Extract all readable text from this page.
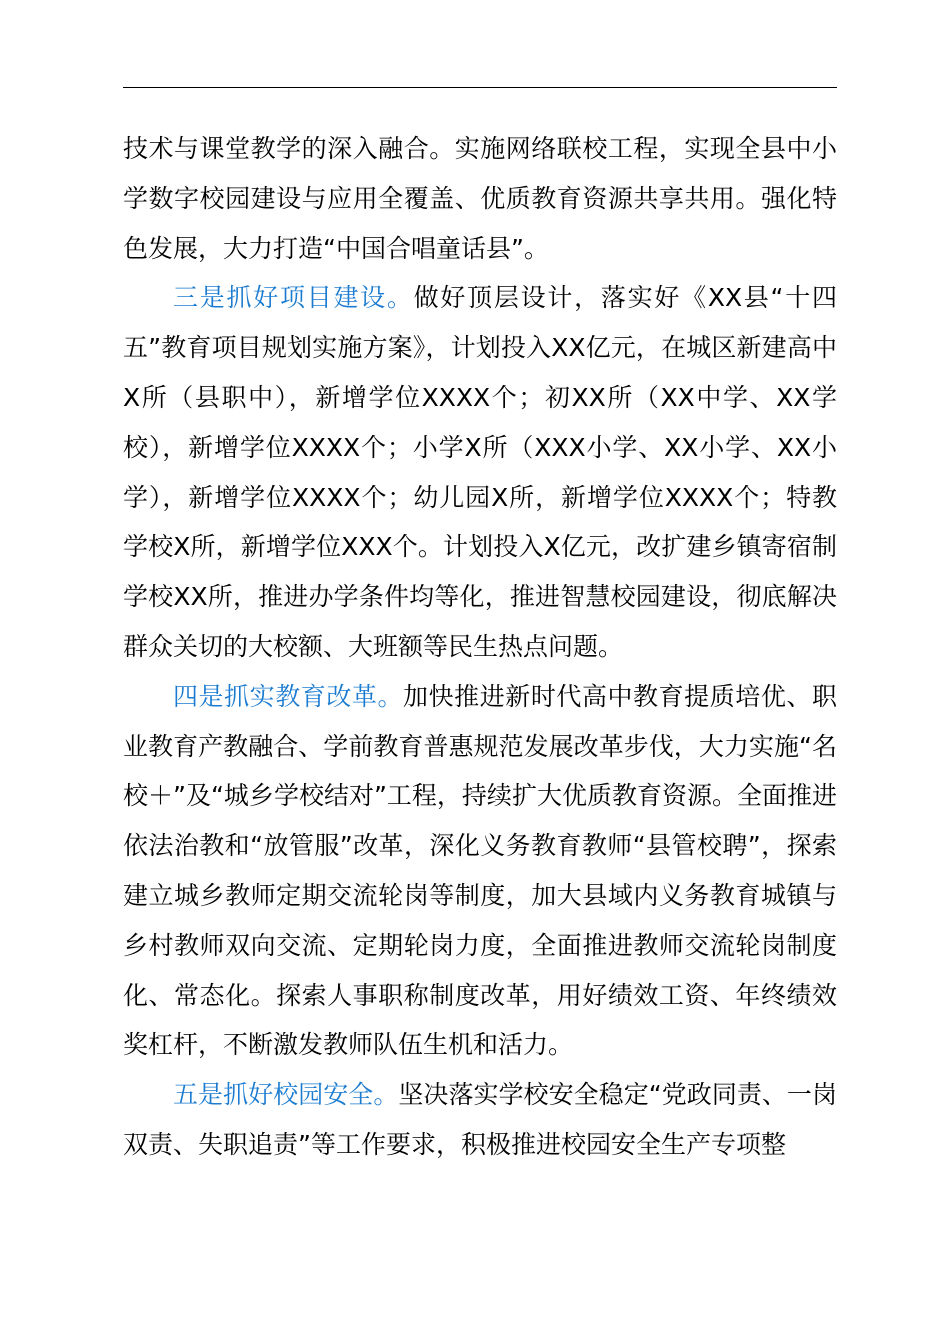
技术与课堂教学的深入融合。实施网络联校工程，实现全县中小学数字校园建设与应用全覆盖、优质教育资源共享共用。强化特色发展，大力打造“中国合唱童话县”。

三是抓好项目建设。做好顶层设计，落实好《XX县“十四五”教育项目规划实施方案》，计划投入XX亿元，在城区新建高中X所（县职中），新增学位XXXX个；初XX所（XX中学、XX学校），新增学位XXXX个；小学X所（XXX小学、XX小学、XX小学），新增学位XXXX个；幼儿园X所，新增学位XXXX个；特教学校X所，新增学位XXX个。计划投入X亿元，改扩建乡镇寄宿制学校XX所，推进办学条件均等化，推进智慧校园建设，彻底解决群众关切的大校额、大班额等民生热点问题。

四是抓实教育改革。加快推进新时代高中教育提质培优、职业教育产教融合、学前教育普惠规范发展改革步伐，大力实施“名校＋”及“城乡学校结对”工程，持续扩大优质教育资源。全面推进依法治教和“放管服”改革，深化义务教育教师“县管校聘”，探索建立城乡教师定期交流轮岗等制度，加大县域内义务教育城镇与乡村教师双向交流、定期轮岗力度，全面推进教师交流轮岗制度化、常态化。探索人事职称制度改革，用好绩效工资、年终绩效奖杠杆，不断激发教师队伍生机和活力。

五是抓好校园安全。坚决落实学校安全稳定“党政同责、一岗双责、失职追责”等工作要求，积极推进校园安全生产专项整
